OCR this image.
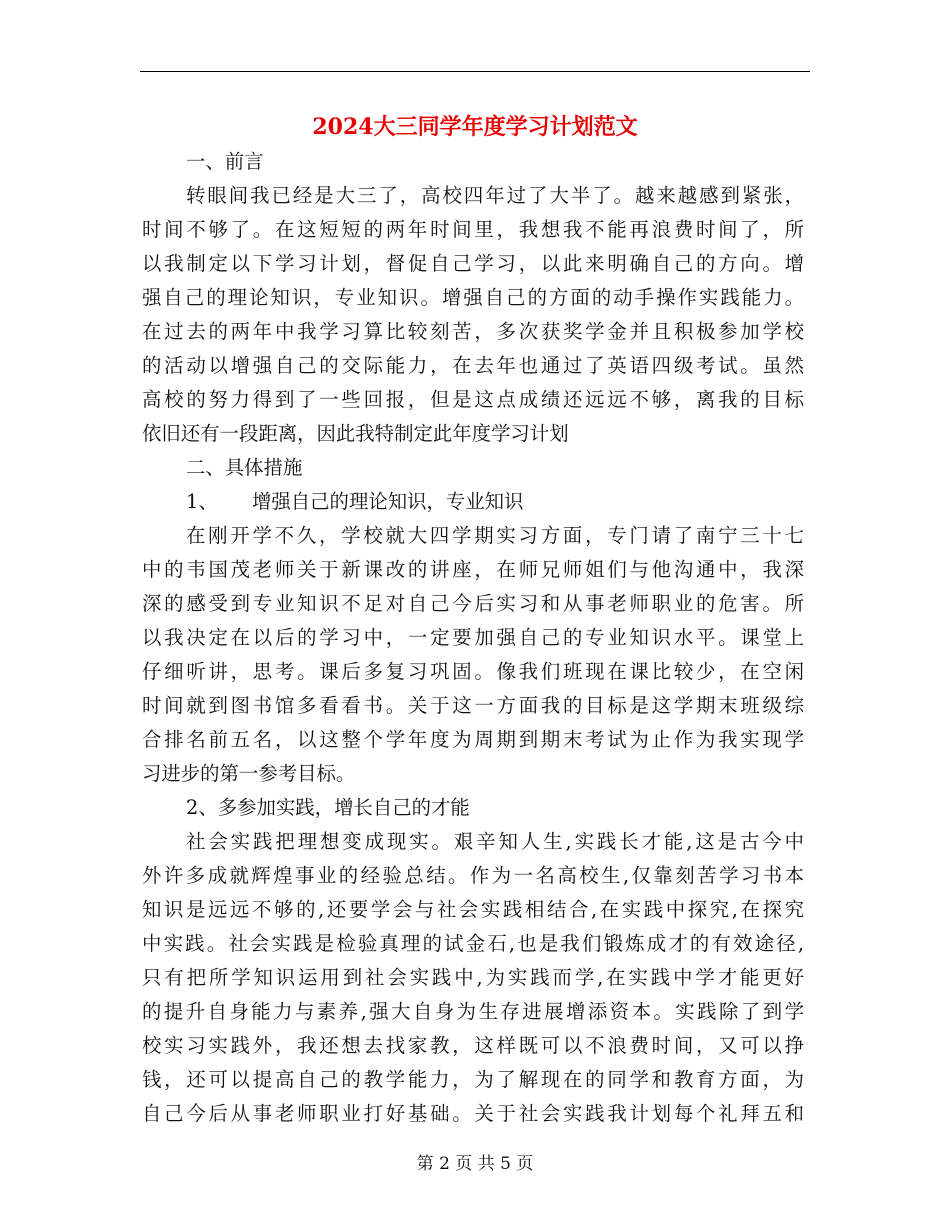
2024大三同学年度学习计划范文
一、前言
转眼间我已经是大三了，高校四年过了大半了。越来越感到紧张，
时间不够了。在这短短的两年时间里，我想我不能再浪费时间了，所
以我制定以下学习计划，督促自己学习，以此来明确自己的方向。增
强自己的理论知识，专业知识。增强自己的方面的动手操作实践能力。
在过去的两年中我学习算比较刻苦，多次获奖学金并且积极参加学校
的活动以增强自己的交际能力，在去年也通过了英语四级考试。虽然
高校的努力得到了一些回报，但是这点成绩还远远不够，离我的目标
依旧还有一段距离，因此我特制定此年度学习计划
二、具体措施
1、 增强自己的理论知识，专业知识
在刚开学不久，学校就大四学期实习方面，专门请了南宁三十七
中的韦国茂老师关于新课改的讲座，在师兄师姐们与他沟通中，我深
深的感受到专业知识不足对自己今后实习和从事老师职业的危害。所
以我决定在以后的学习中，一定要加强自己的专业知识水平。课堂上
仔细听讲，思考。课后多复习巩固。像我们班现在课比较少，在空闲
时间就到图书馆多看看书。关于这一方面我的目标是这学期末班级综
合排名前五名，以这整个学年度为周期到期末考试为止作为我实现学
习进步的第一参考目标。
2、多参加实践，增长自己的才能
社会实践把理想变成现实。艰辛知人生,实践长才能,这是古今中
外许多成就辉煌事业的经验总结。作为一名高校生,仅靠刻苦学习书本
知识是远远不够的,还要学会与社会实践相结合,在实践中探究,在探究
中实践。社会实践是检验真理的试金石,也是我们锻炼成才的有效途径,
只有把所学知识运用到社会实践中,为实践而学,在实践中学才能更好
的提升自身能力与素养,强大自身为生存进展增添资本。实践除了到学
校实习实践外，我还想去找家教，这样既可以不浪费时间，又可以挣
钱，还可以提高自己的教学能力，为了解现在的同学和教育方面，为
自己今后从事老师职业打好基础。关于社会实践我计划每个礼拜五和
第 2 页 共 5 页
